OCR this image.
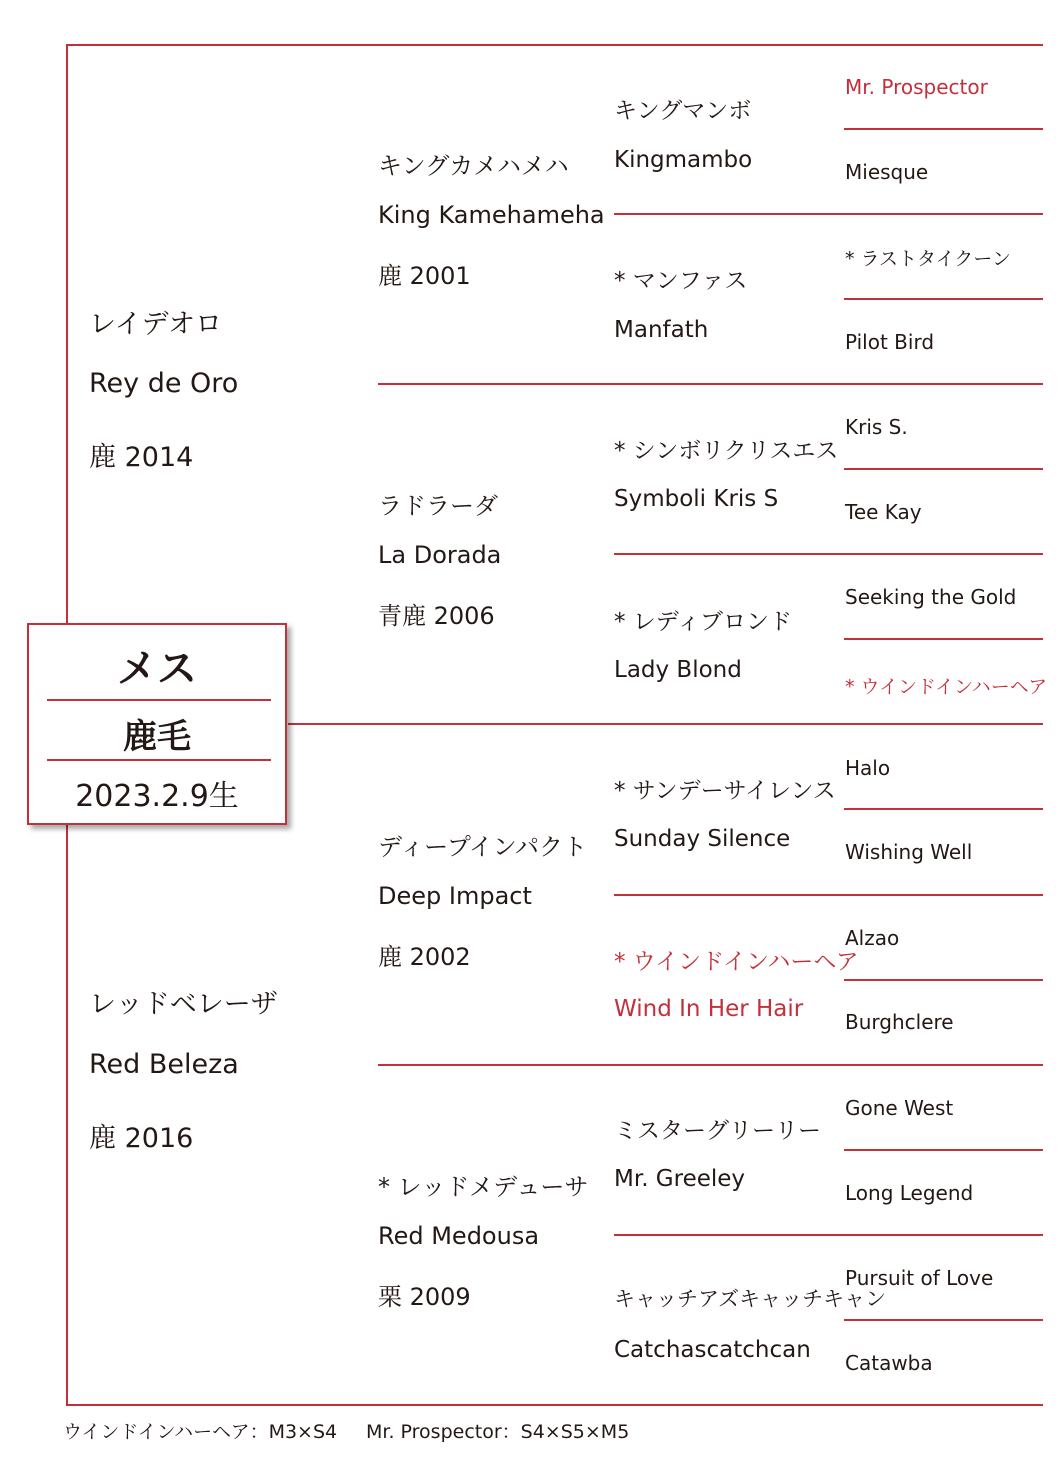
レイデオロ
Rey de Oro
鹿 2014
レッドベレーザ
Red Beleza
鹿 2016
キングカメハメハ
King Kamehameha
鹿 2001
ラドラーダ
La Dorada
青鹿 2006
ディープインパクト
Deep Impact
鹿 2002
* レッドメデューサ
Red Medousa
栗 2009
キングマンボ
Kingmambo
* マンファス
Manfath
* シンボリクリスエス
Symboli Kris S
* レディブロンド
Lady Blond
* サンデーサイレンス
Sunday Silence
* ウインドインハーヘア
Wind In Her Hair
ミスターグリーリー
Mr. Greeley
キャッチアズキャッチキャン
Catchascatchcan
Mr. Prospector
Miesque
* ラストタイクーン
Pilot Bird
Kris S.
Tee Kay
Seeking the Gold
* ウインドインハーヘア
Halo
Wishing Well
Alzao
Burghclere
Gone West
Long Legend
Pursuit of Love
Catawba
メス
鹿毛
2023.2.9生
ウインドインハーヘア：M3×S4 Mr. Prospector：S4×S5×M5
